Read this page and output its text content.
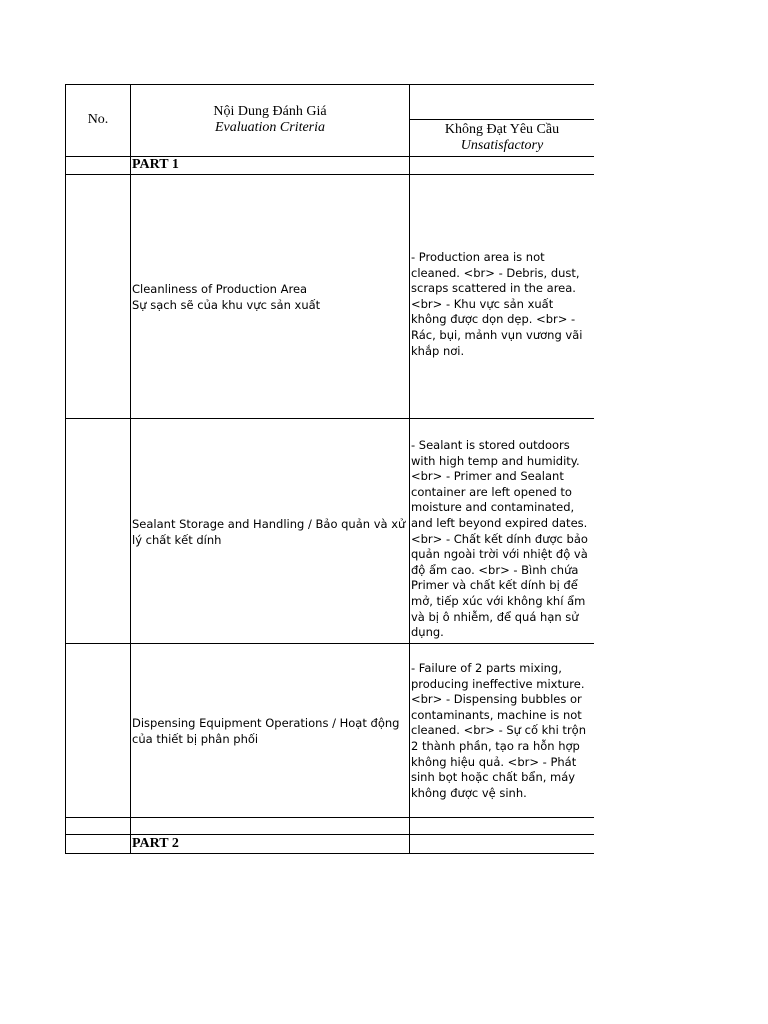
No.
Nội Dung Đánh Giá
Evaluation Criteria	Không Đạt Yêu Cầu
Unsatisfactory
PART 1
Cleanliness of Production Area
Sự sạch sẽ của khu vực sản xuất
- Production area is not cleaned. <br> - Debris, dust, scraps scattered in the area. <br> - Khu vực sản xuất không được dọn dẹp. <br> - Rác, bụi, mảnh vụn vương vãi khắp nơi.
Sealant Storage and Handling / Bảo quản và xử lý chất kết dính
- Sealant is stored outdoors with high temp and humidity. <br> - Primer and Sealant container are left opened to moisture and contaminated, and left beyond expired dates. <br> - Chất kết dính được bảo quản ngoài trời với nhiệt độ và độ ẩm cao. <br> - Bình chứa Primer và chất kết dính bị để mở, tiếp xúc với không khí ẩm và bị ô nhiễm, để quá hạn sử dụng.
Dispensing Equipment Operations / Hoạt động của thiết bị phân phối
- Failure of 2 parts mixing, producing ineffective mixture. <br> - Dispensing bubbles or contaminants, machine is not cleaned. <br> - Sự cố khi trộn 2 thành phần, tạo ra hỗn hợp không hiệu quả. <br> - Phát sinh bọt hoặc chất bẩn, máy không được vệ sinh.
PART 2
